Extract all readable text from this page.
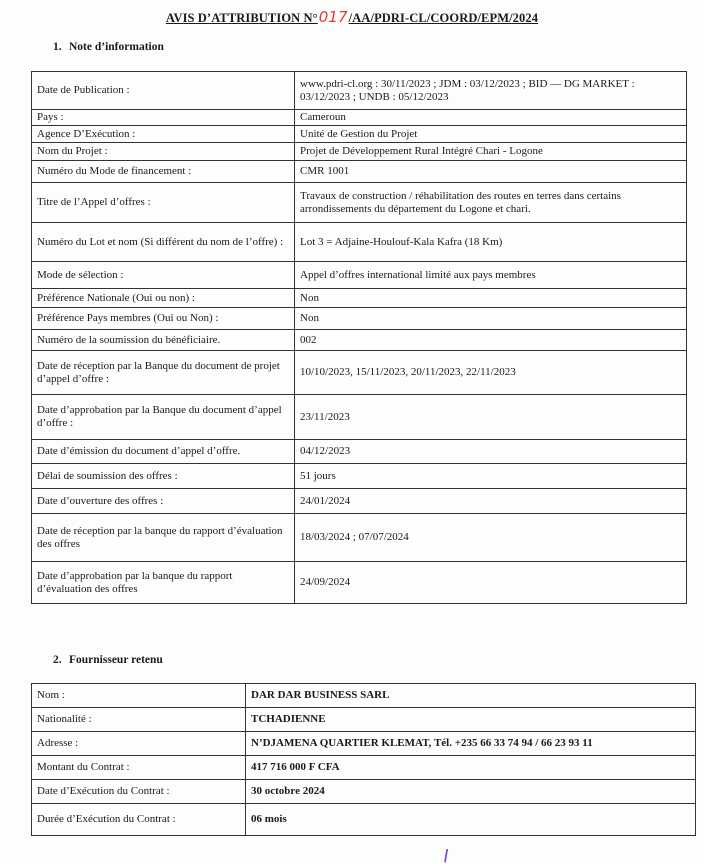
AVIS D’ATTRIBUTION N°017/AA/PDRI-CL/COORD/EPM/2024
1. Note d’information
Date de Publication :	www.pdri-cl.org : 30/11/2023 ; JDM : 03/12/2023 ; BID — DG MARKET : 03/12/2023 ; UNDB : 05/12/2023
Pays :	Cameroun
Agence D’Exécution :	Unité de Gestion du Projet
Nom du Projet :	Projet de Développement Rural Intégré Chari - Logone
Numéro du Mode de financement :	CMR 1001
Titre de l’Appel d’offres :	Travaux de construction / réhabilitation des routes en terres dans certains arrondissements du département du Logone et chari.
Numéro du Lot et nom (Si différent du nom de l’offre) :	Lot 3 = Adjaine-Houlouf-Kala Kafra (18 Km)
Mode de sélection :	Appel d’offres international limité aux pays membres
Préférence Nationale (Oui ou non) :	Non
Préférence Pays membres (Oui ou Non) :	Non
Numéro de la soumission du bénéficiaire.	002
Date de réception par la Banque du document de projet d’appel d’offre :	10/10/2023, 15/11/2023, 20/11/2023, 22/11/2023
Date d’approbation par la Banque du document d’appel d’offre :	23/11/2023
Date d’émission du document d’appel d’offre.	04/12/2023
Délai de soumission des offres :	51 jours
Date d’ouverture des offres :	24/01/2024
Date de réception par la banque du rapport d’évaluation des offres	18/03/2024 ; 07/07/2024
Date d’approbation par la banque du rapport d’évaluation des offres	24/09/2024
2. Fournisseur retenu
Nom :	DAR DAR BUSINESS SARL
Nationalité :	TCHADIENNE
Adresse :	N’DJAMENA QUARTIER KLEMAT, Tél. +235 66 33 74 94 / 66 23 93 11
Montant du Contrat :	417 716 000 F CFA
Date d’Exécution du Contrat :	30 octobre 2024
Durée d’Exécution du Contrat :	06 mois
